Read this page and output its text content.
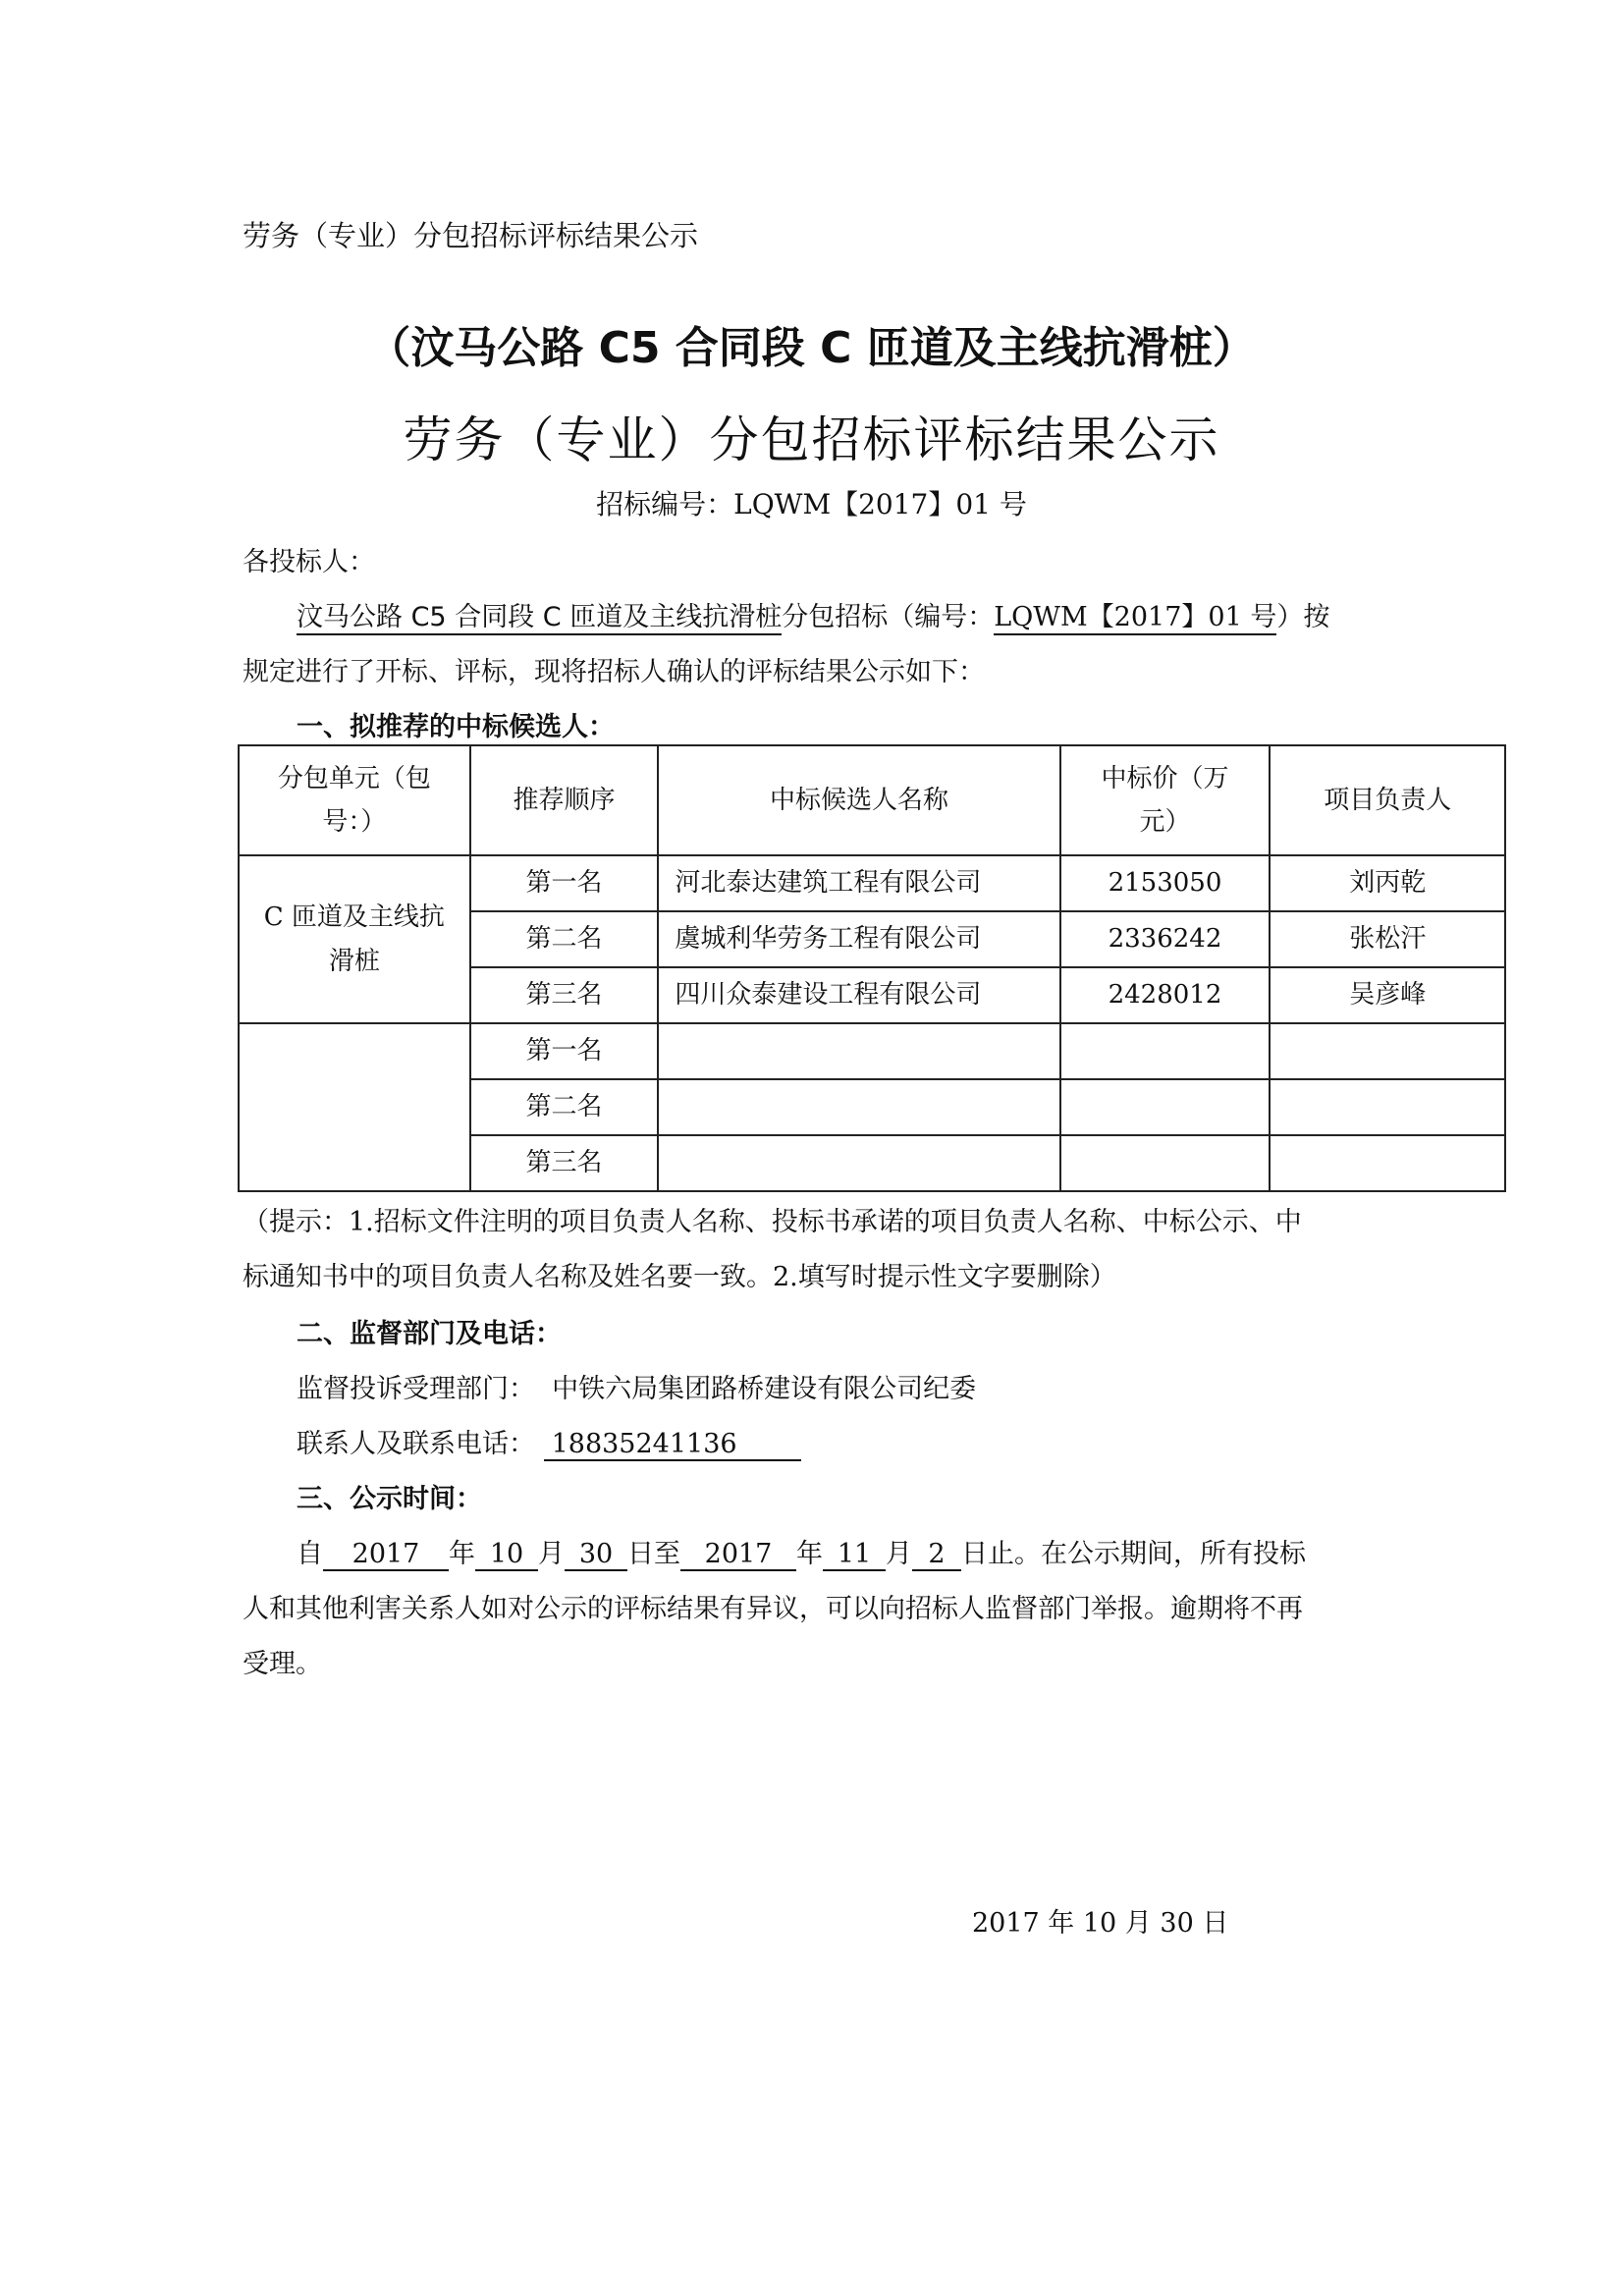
劳务（专业）分包招标评标结果公示
（汶马公路 C5 合同段 C 匝道及主线抗滑桩）
劳务（专业）分包招标评标结果公示
招标编号：LQWM【2017】01 号
各投标人：
汶马公路 C5 合同段 C 匝道及主线抗滑桩分包招标（编号：LQWM【2017】01 号）按
规定进行了开标、评标，现将招标人确认的评标结果公示如下：
一、拟推荐的中标候选人：
分包单元（包
号：）	推荐顺序	中标候选人名称	中标价（万
元）	项目负责人
C 匝道及主线抗
滑桩	第一名	河北泰达建筑工程有限公司	2153050	刘丙乾
	第二名	虞城利华劳务工程有限公司	2336242	张松汗
	第三名	四川众泰建设工程有限公司	2428012	吴彦峰

	第一名			
	第二名			
	第三名			
（提示：1.招标文件注明的项目负责人名称、投标书承诺的项目负责人名称、中标公示、中
标通知书中的项目负责人名称及姓名要一致。2.填写时提示性文字要删除）
二、监督部门及电话：
监督投诉受理部门： 中铁六局集团路桥建设有限公司纪委
联系人及联系电话： 18835241136
三、公示时间：
自 2017 年 10 月 30 日至 2017 年 11 月 2 日止。在公示期间，所有投标
人和其他利害关系人如对公示的评标结果有异议，可以向招标人监督部门举报。逾期将不再
受理。
2017 年 10 月 30 日
